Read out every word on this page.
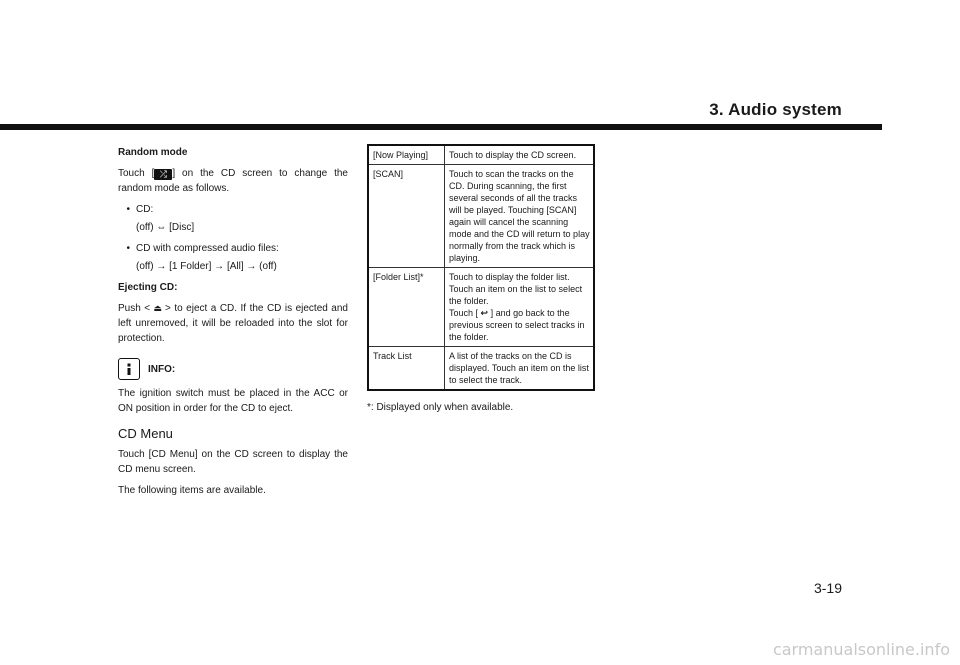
3. Audio system
Random mode

Touch [ ⤮ ] on the CD screen to change the random mode as follows.

• CD:
(off) ⇔ [Disc]
• CD with compressed audio files:
(off) → [1 Folder] → [All] → (off)
Ejecting CD:

Push < ⏏ > to eject a CD. If the CD is ejected and left unremoved, it will be reloaded into the slot for protection.

INFO:

The ignition switch must be placed in the ACC or ON position in order for the CD to eject.

CD Menu

Touch [CD Menu] on the CD screen to display the CD menu screen.

The following items are available.

[Now Playing]	Touch to display the CD screen.
[SCAN]	Touch to scan the tracks on the CD. During scanning, the first several seconds of all the tracks will be played. Touching [SCAN] again will cancel the scanning mode and the CD will return to play normally from the track which is playing.
[Folder List]*	Touch to display the folder list. Touch an item on the list to select the folder.
Touch [ ↩ ] and go back to the previous screen to select tracks in the folder.

Track List	A list of the tracks on the CD is displayed. Touch an item on the list to select the track.
*: Displayed only when available.
3-19
carmanualsonline.info
